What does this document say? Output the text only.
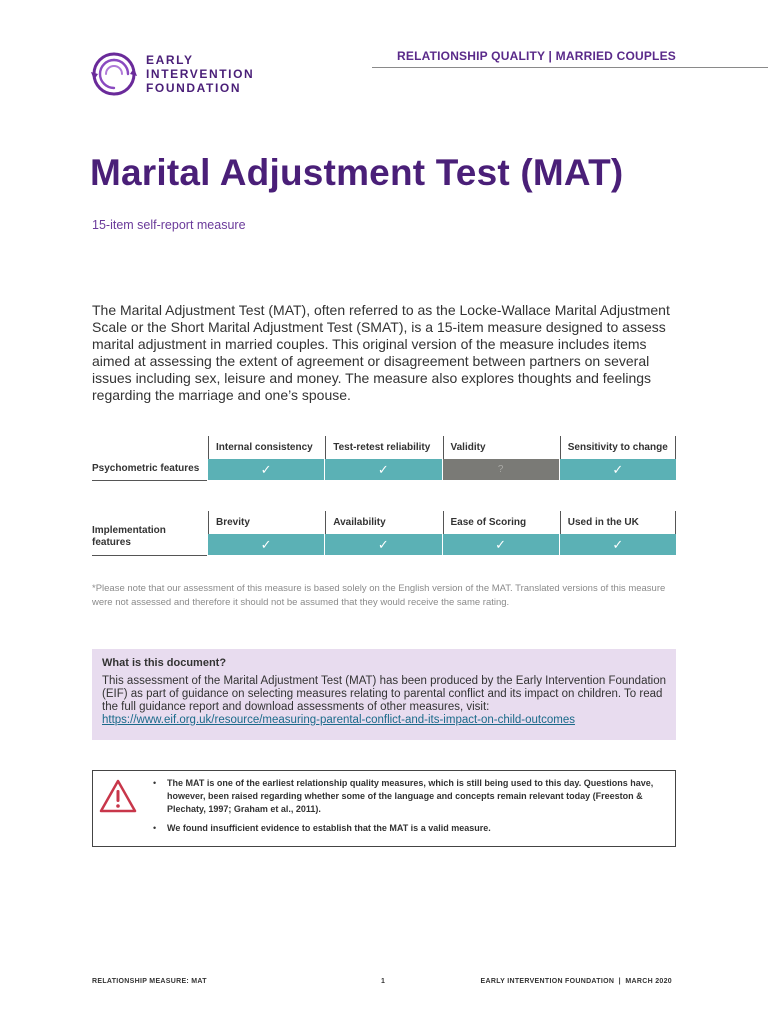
EARLY
INTERVENTION
FOUNDATION
RELATIONSHIP QUALITY | MARRIED COUPLES
Marital Adjustment Test (MAT)
15-item self-report measure

The Marital Adjustment Test (MAT), often referred to as the Locke-Wallace Marital Adjustment Scale or the Short Marital Adjustment Test (SMAT), is a 15-item measure designed to assess marital adjustment in married couples. This original version of the measure includes items aimed at assessing the extent of agreement or disagreement between partners on several issues including sex, leisure and money. The measure also explores thoughts and feelings regarding the marriage and one’s spouse.

Psychometric features
Internal consistency
✓
Test-retest reliability
✓
Validity
?
Sensitivity to change
✓
Implementation
features
Brevity
✓
Availability
✓
Ease of Scoring
✓
Used in the UK
✓

*Please note that our assessment of this measure is based solely on the English version of the MAT. Translated versions of this measure were not assessed and therefore it should not be assumed that they would receive the same rating.

What is this document?

This assessment of the Marital Adjustment Test (MAT) has been produced by the Early Intervention Foundation (EIF) as part of guidance on selecting measures relating to parental conflict and its impact on children. To read the full guidance report and download assessments of other measures, visit:

https://www.eif.org.uk/resource/measuring-parental-conflict-and-its-impact-on-child-outcomes
• The MAT is one of the earliest relationship quality measures, which is still being used to this day. Questions have, however, been raised regarding whether some of the language and concepts remain relevant today (Freeston & Plechaty, 1997; Graham et al., 2011).
• We found insufficient evidence to establish that the MAT is a valid measure.
RELATIONSHIP MEASURE: MAT	1	EARLY INTERVENTION FOUNDATION  |  MARCH 2020
